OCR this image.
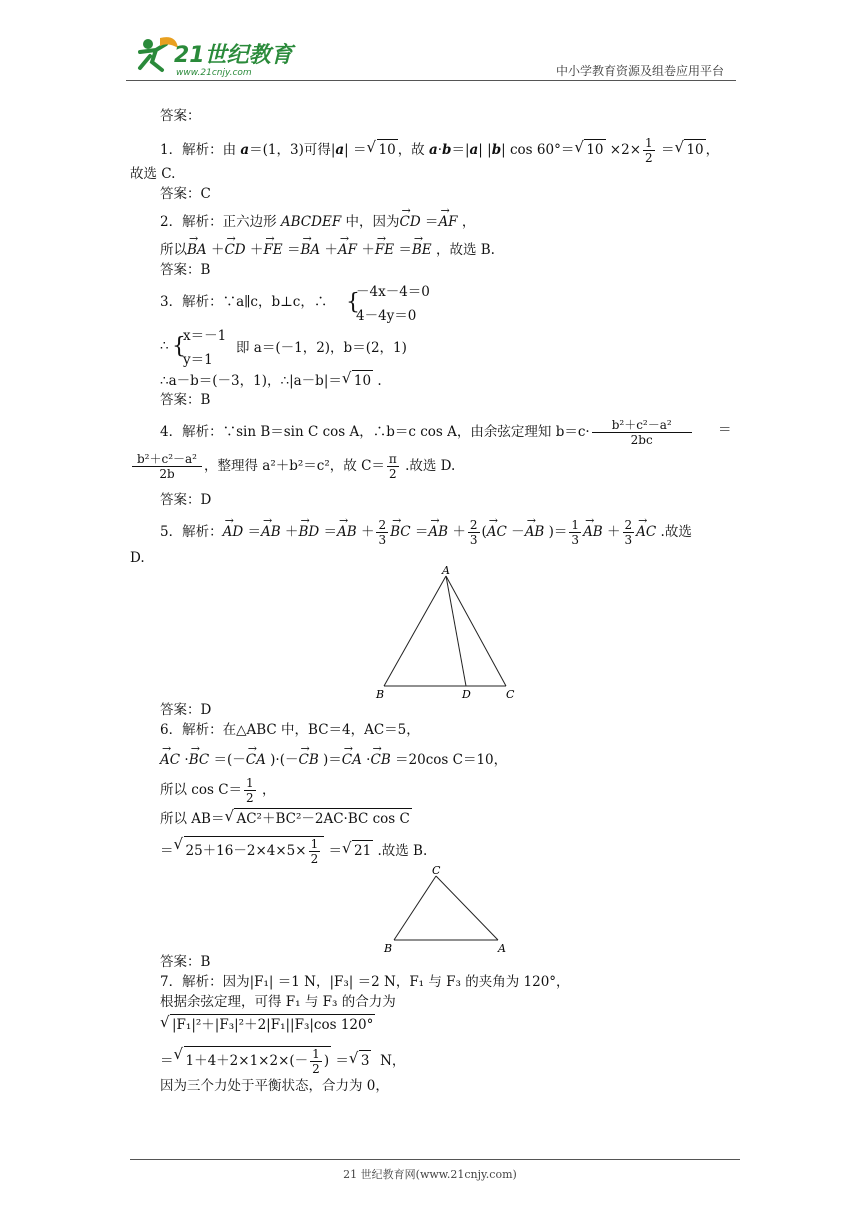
21世纪教育
www.21cnjy.com	中小学教育资源及组卷应用平台
答案：
1．解析：由 a＝(1，3)可得|a| ＝ √ 10 ，故 a·b＝|a| |b| cos 60°＝ √ $10 \times 2\times \frac{1}{2}$ ＝ √ 10 ，
故选 C.
答案：C
2．解析：正六边形 ABCDEF 中，因为→ CD ＝→ AF ，
所以→ BA ＋→ CD ＋→ FE ＝→ BA ＋→ AF ＋→ FE ＝→ BE ，故选 B.
答案：B
3．解析：∵a∥c，b⊥c，∴ {
－4x－4＝0
4－4y＝0
∴ {
x＝－1
y＝1
即 a＝(－1，2)，b＝(2，1)
∴a－b＝(－3，1)，∴|a－b|＝ √ 10 .
答案：B
4．解析：∵sin B＝sin C cos A，∴b＝c cos A，由余弦定理知 $b=c\cdot \frac{\text{b²＋c²－a²}}{2bc}$ ＝
$\frac{\text{b²＋c²－a²}}{2b}$ ，整理得 a²＋b²＝c²，故 $C= \frac{\pi}{2}$ .故选 D.
答案：D
5．解析：→ AD ＝→ AB ＋→ BD ＝→ AB ＋ $\frac{2}{3}$ → BC ＝→ AB ＋ $\frac{2}{3}$ (→ AC －→ AB )＝ $\frac{1}{3}$ → AB ＋ $\frac{2}{3}$ → AC .故选
D.
A
B	D	C
答案：D
6．解析：在△ABC 中，BC＝4，AC＝5，
→ AC ·→ BC ＝(－→ CA )·(－→ CB )＝→ CA ·→ CB ＝20cos C＝10，
所以 $\cos C= \frac{1}{2}$ ，
所以 AB＝ √ AC²＋BC²－2AC·BC cos C
＝ √ $25+16-2\times 4\times 5\times \frac{1}{2}$ ＝ √ 21 .故选 B.
C
B	A
答案：B
7．解析：因为|F₁| ＝1 N，|F₃| ＝2 N，F₁ 与 F₃ 的夹角为 120°，
根据余弦定理，可得 F₁ 与 F₃ 的合力为
√ |F₁|²＋|F₃|²＋2|F₁||F₃|cos 120°
＝ √ $1+4+2\times 1\times 2\times(- \frac{1}{2}$ ) ＝ √ 3 N，
因为三个力处于平衡状态，合力为 0，
21 世纪教育网(www.21cnjy.com)
